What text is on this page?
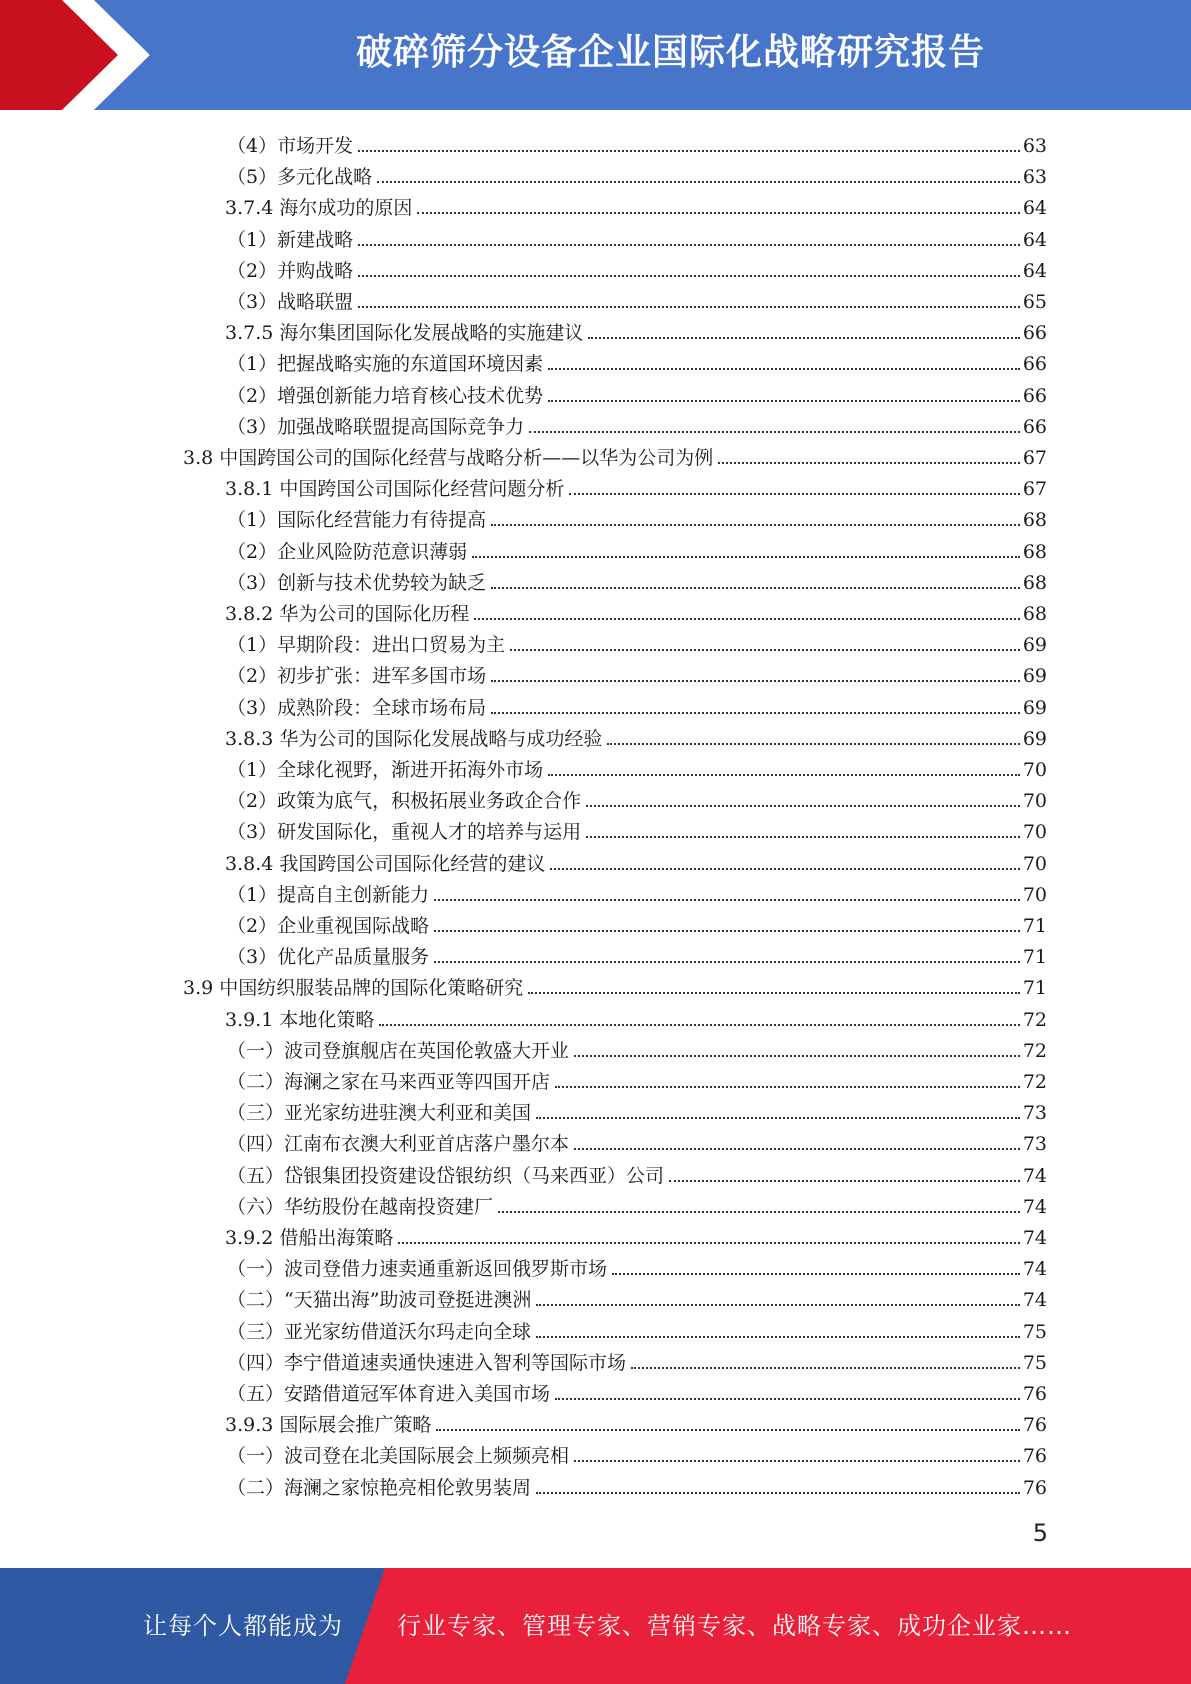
破碎筛分设备企业国际化战略研究报告
（4）市场开发	63
（5）多元化战略	63
3.7.4 海尔成功的原因	64
（1）新建战略	64
（2）并购战略	64
（3）战略联盟	65
3.7.5 海尔集团国际化发展战略的实施建议	66
（1）把握战略实施的东道国环境因素	66
（2）增强创新能力培育核心技术优势	66
（3）加强战略联盟提高国际竞争力	66
3.8 中国跨国公司的国际化经营与战略分析——以华为公司为例	67
3.8.1 中国跨国公司国际化经营问题分析	67
（1）国际化经营能力有待提高	68
（2）企业风险防范意识薄弱	68
（3）创新与技术优势较为缺乏	68
3.8.2 华为公司的国际化历程	68
（1）早期阶段：进出口贸易为主	69
（2）初步扩张：进军多国市场	69
（3）成熟阶段：全球市场布局	69
3.8.3 华为公司的国际化发展战略与成功经验	69
（1）全球化视野，渐进开拓海外市场	70
（2）政策为底气，积极拓展业务政企合作	70
（3）研发国际化，重视人才的培养与运用	70
3.8.4 我国跨国公司国际化经营的建议	70
（1）提高自主创新能力	70
（2）企业重视国际战略	71
（3）优化产品质量服务	71
3.9 中国纺织服装品牌的国际化策略研究	71
3.9.1 本地化策略	72
（一）波司登旗舰店在英国伦敦盛大开业	72
（二）海澜之家在马来西亚等四国开店	72
（三）亚光家纺进驻澳大利亚和美国	73
（四）江南布衣澳大利亚首店落户墨尔本	73
（五）岱银集团投资建设岱银纺织（马来西亚）公司	74
（六）华纺股份在越南投资建厂	74
3.9.2 借船出海策略	74
（一）波司登借力速卖通重新返回俄罗斯市场	74
（二）“天猫出海”助波司登挺进澳洲	74
（三）亚光家纺借道沃尔玛走向全球	75
（四）李宁借道速卖通快速进入智利等国际市场	75
（五）安踏借道冠军体育进入美国市场	76
3.9.3 国际展会推广策略	76
（一）波司登在北美国际展会上频频亮相	76
（二）海澜之家惊艳亮相伦敦男装周	76
5
让每个人都能成为 行业专家、管理专家、营销专家、战略专家、成功企业家……
